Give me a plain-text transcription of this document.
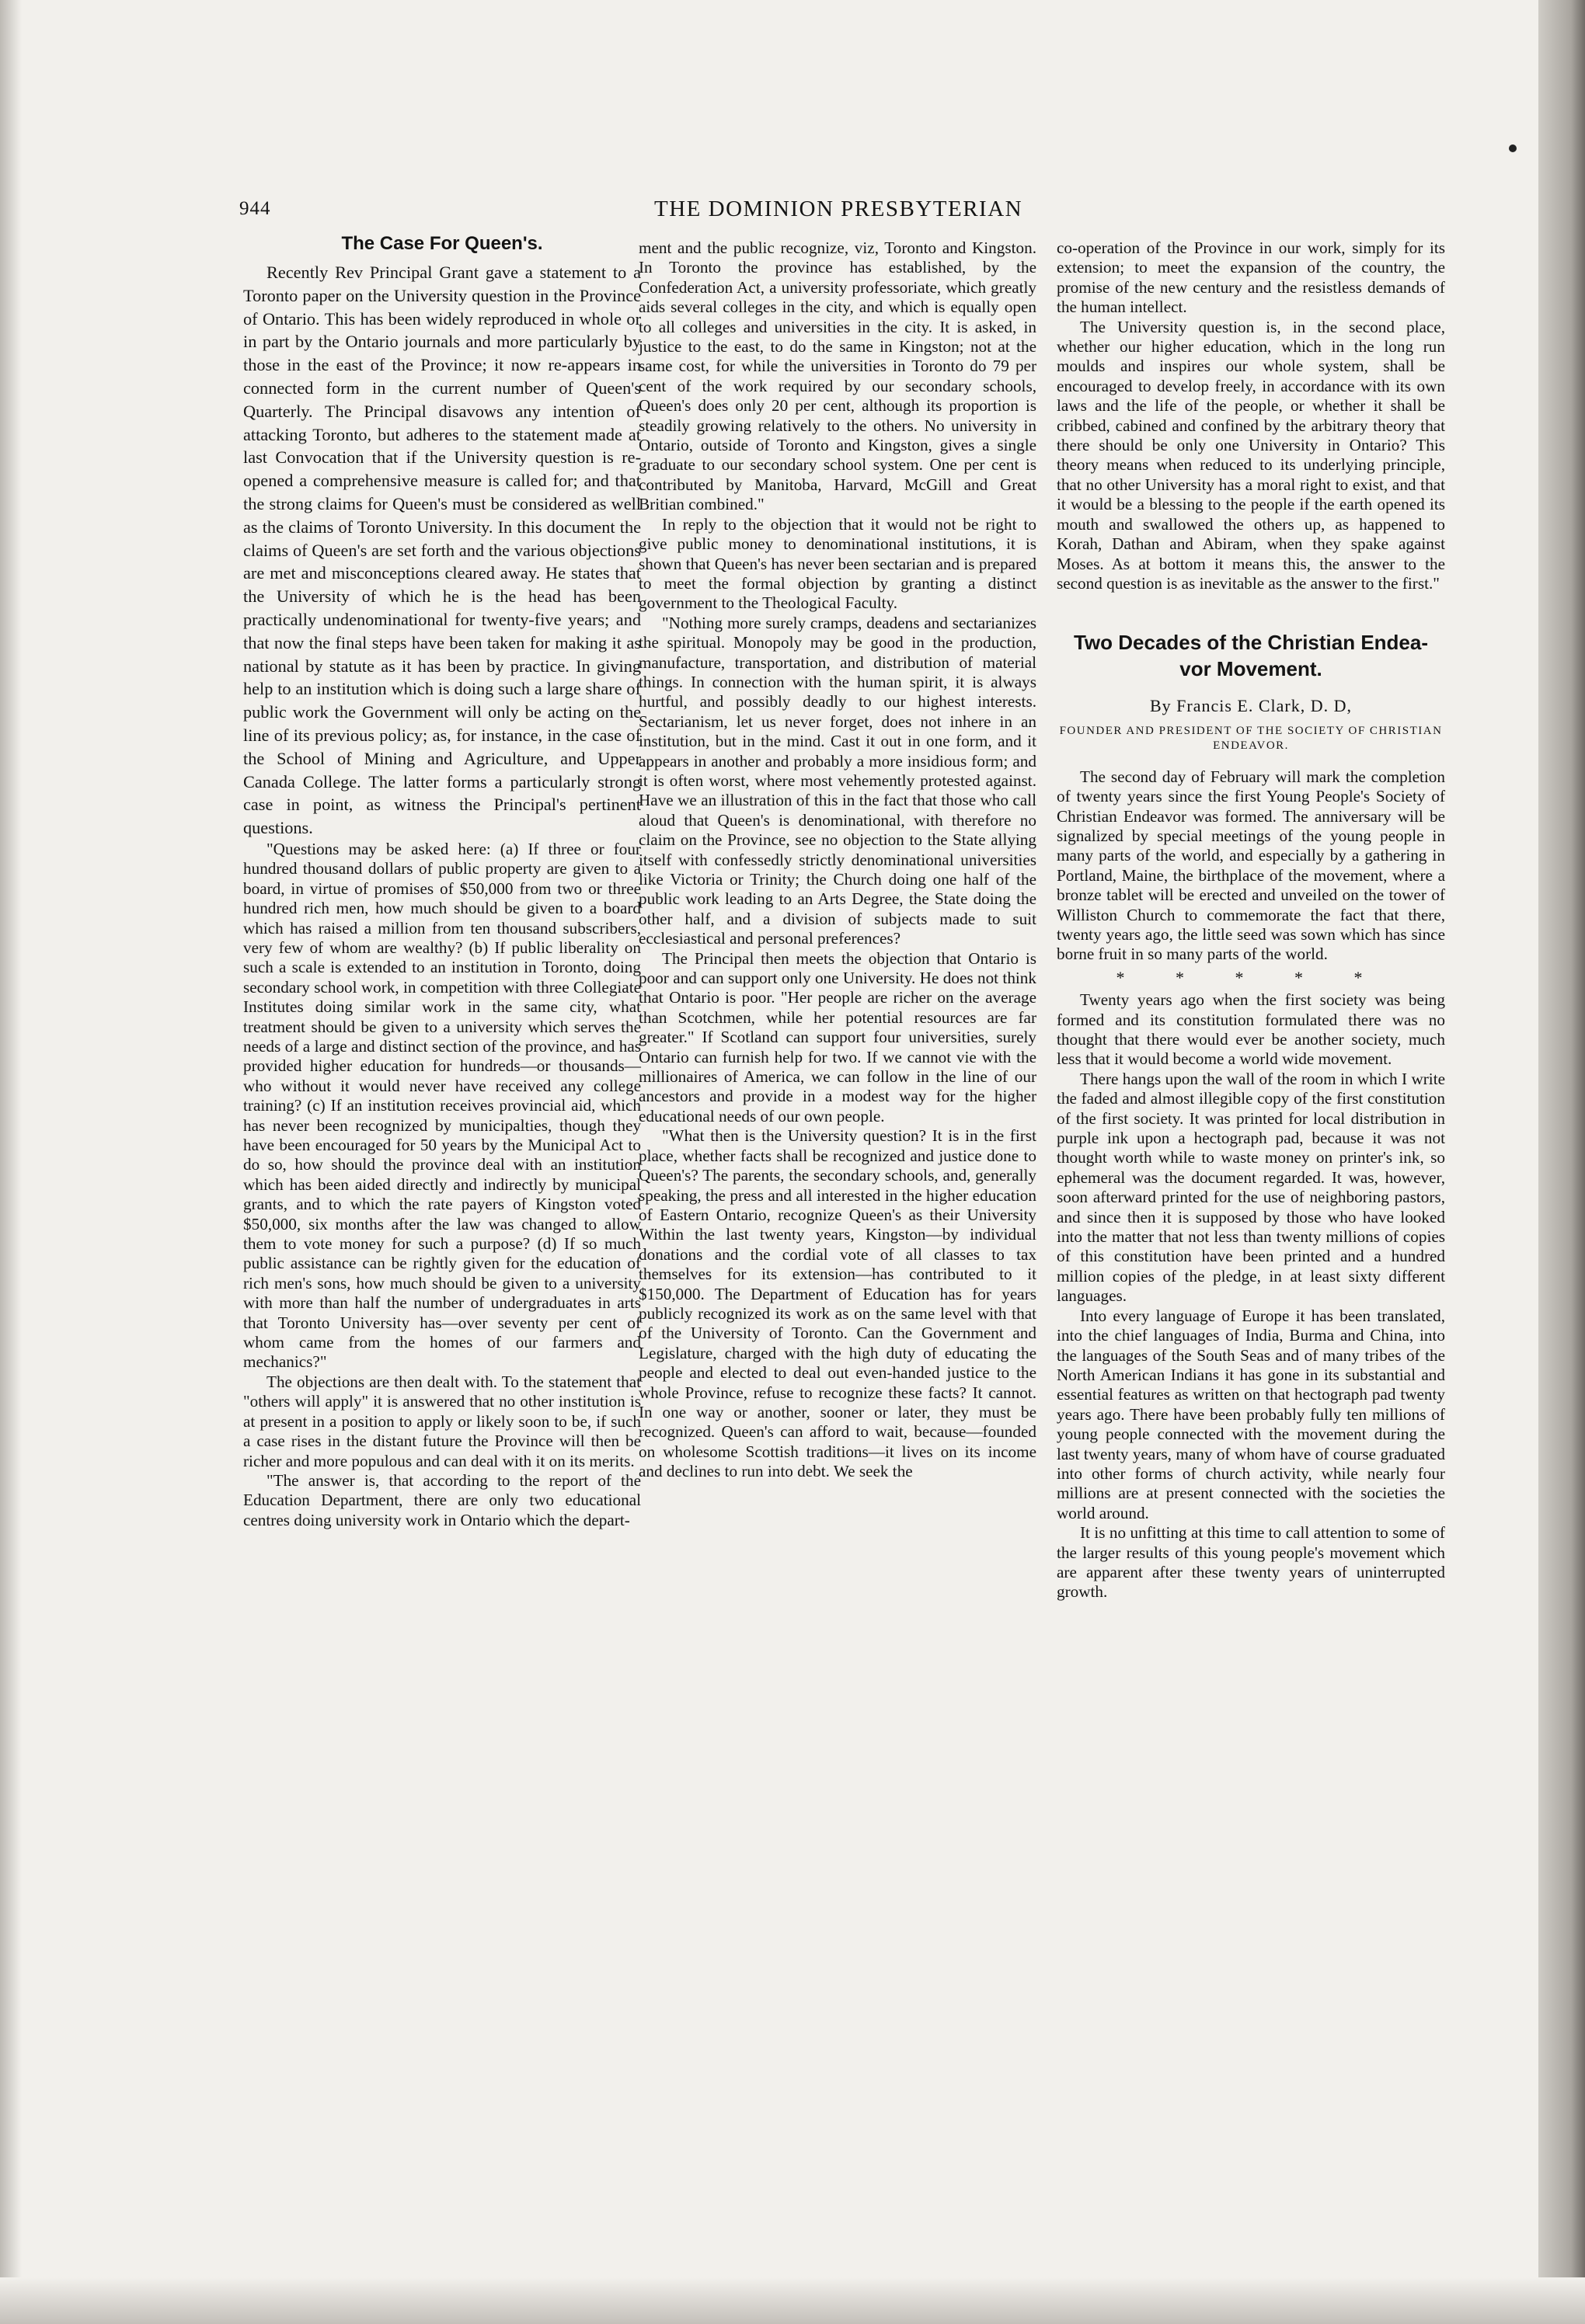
944	THE DOMINION PRESBYTERIAN
The Case For Queen's.

Recently Rev Principal Grant gave a statement to a Toronto paper on the University question in the Province of Ontario. This has been widely reproduced in whole or in part by the Ontario journals and more particularly by those in the east of the Province; it now re-appears in connected form in the current number of Queen's Quarterly. The Principal disavows any intention of attacking Toronto, but adheres to the statement made at last Convocation that if the University question is re-opened a comprehensive measure is called for; and that the strong claims for Queen's must be considered as well as the claims of Toronto University. In this document the claims of Queen's are set forth and the various objections are met and misconceptions cleared away. He states that the University of which he is the head has been practically undenominational for twenty-five years; and that now the final steps have been taken for making it as national by statute as it has been by practice. In giving help to an institution which is doing such a large share of public work the Government will only be acting on the line of its previous policy; as, for instance, in the case of the School of Mining and Agriculture, and Upper Canada College. The latter forms a particularly strong case in point, as witness the Principal's pertinent questions.

"Questions may be asked here: (a) If three or four hundred thousand dollars of public property are given to a board, in virtue of promises of $50,000 from two or three hundred rich men, how much should be given to a board which has raised a million from ten thousand subscribers, very few of whom are wealthy? (b) If public liberality on such a scale is extended to an institution in Toronto, doing secondary school work, in competition with three Collegiate Institutes doing similar work in the same city, what treatment should be given to a university which serves the needs of a large and distinct section of the province, and has provided higher education for hundreds—or thousands—who without it would never have received any college training? (c) If an institution receives provincial aid, which has never been recognized by municipalties, though they have been encouraged for 50 years by the Municipal Act to do so, how should the province deal with an institution which has been aided directly and indirectly by municipal grants, and to which the rate payers of Kingston voted $50,000, six months after the law was changed to allow them to vote money for such a purpose? (d) If so much public assistance can be rightly given for the education of rich men's sons, how much should be given to a university with more than half the number of undergraduates in arts that Toronto University has—over seventy per cent of whom came from the homes of our farmers and mechanics?"

The objections are then dealt with. To the statement that "others will apply" it is answered that no other institution is at present in a position to apply or likely soon to be, if such a case rises in the distant future the Province will then be richer and more populous and can deal with it on its merits.

"The answer is, that according to the report of the Education Department, there are only two educational centres doing university work in Ontario which the depart-

ment and the public recognize, viz, Toronto and Kingston. In Toronto the province has established, by the Confederation Act, a university professoriate, which greatly aids several colleges in the city, and which is equally open to all colleges and universities in the city. It is asked, in justice to the east, to do the same in Kingston; not at the same cost, for while the universities in Toronto do 79 per cent of the work required by our secondary schools, Queen's does only 20 per cent, although its proportion is steadily growing relatively to the others. No university in Ontario, outside of Toronto and Kingston, gives a single graduate to our secondary school system. One per cent is contributed by Manitoba, Harvard, McGill and Great Britian combined."

In reply to the objection that it would not be right to give public money to denominational institutions, it is shown that Queen's has never been sectarian and is prepared to meet the formal objection by granting a distinct government to the Theological Faculty.

"Nothing more surely cramps, deadens and sectarianizes the spiritual. Monopoly may be good in the production, manufacture, transportation, and distribution of material things. In connection with the human spirit, it is always hurtful, and possibly deadly to our highest interests. Sectarianism, let us never forget, does not inhere in an institution, but in the mind. Cast it out in one form, and it appears in another and probably a more insidious form; and it is often worst, where most vehemently protested against. Have we an illustration of this in the fact that those who call aloud that Queen's is denominational, with therefore no claim on the Province, see no objection to the State allying itself with confessedly strictly denominational universities like Victoria or Trinity; the Church doing one half of the public work leading to an Arts Degree, the State doing the other half, and a division of subjects made to suit ecclesiastical and personal preferences?

The Principal then meets the objection that Ontario is poor and can support only one University. He does not think that Ontario is poor. "Her people are richer on the average than Scotchmen, while her potential resources are far greater." If Scotland can support four universities, surely Ontario can furnish help for two. If we cannot vie with the millionaires of America, we can follow in the line of our ancestors and provide in a modest way for the higher educational needs of our own people.

"What then is the University question? It is in the first place, whether facts shall be recognized and justice done to Queen's? The parents, the secondary schools, and, generally speaking, the press and all interested in the higher education of Eastern Ontario, recognize Queen's as their University Within the last twenty years, Kingston—by individual donations and the cordial vote of all classes to tax themselves for its extension—has contributed to it $150,000. The Department of Education has for years publicly recognized its work as on the same level with that of the University of Toronto. Can the Government and Legislature, charged with the high duty of educating the people and elected to deal out even-handed justice to the whole Province, refuse to recognize these facts? It cannot. In one way or another, sooner or later, they must be recognized. Queen's can afford to wait, because—founded on wholesome Scottish traditions—it lives on its income and declines to run into debt. We seek the

co-operation of the Province in our work, simply for its extension; to meet the expansion of the country, the promise of the new century and the resistless demands of the human intellect.

The University question is, in the second place, whether our higher education, which in the long run moulds and inspires our whole system, shall be encouraged to develop freely, in accordance with its own laws and the life of the people, or whether it shall be cribbed, cabined and confined by the arbitrary theory that there should be only one University in Ontario? This theory means when reduced to its underlying principle, that no other University has a moral right to exist, and that it would be a blessing to the people if the earth opened its mouth and swallowed the others up, as happened to Korah, Dathan and Abiram, when they spake against Moses. As at bottom it means this, the answer to the second question is as inevitable as the answer to the first."

Two Decades of the Christian Endea-
vor Movement.
By Francis E. Clark, D. D,
FOUNDER AND PRESIDENT OF THE SOCIETY OF CHRISTIAN ENDEAVOR.

The second day of February will mark the completion of twenty years since the first Young People's Society of Christian Endeavor was formed. The anniversary will be signalized by special meetings of the young people in many parts of the world, and especially by a gathering in Portland, Maine, the birthplace of the movement, where a bronze tablet will be erected and unveiled on the tower of Williston Church to commemorate the fact that there, twenty years ago, the little seed was sown which has since borne fruit in so many parts of the world.

* * * * *

Twenty years ago when the first society was being formed and its constitution formulated there was no thought that there would ever be another society, much less that it would become a world wide movement.

There hangs upon the wall of the room in which I write the faded and almost illegible copy of the first constitution of the first society. It was printed for local distribution in purple ink upon a hectograph pad, because it was not thought worth while to waste money on printer's ink, so ephemeral was the document regarded. It was, however, soon afterward printed for the use of neighboring pastors, and since then it is supposed by those who have looked into the matter that not less than twenty millions of copies of this constitution have been printed and a hundred million copies of the pledge, in at least sixty different languages.

Into every language of Europe it has been translated, into the chief languages of India, Burma and China, into the languages of the South Seas and of many tribes of the North American Indians it has gone in its substantial and essential features as written on that hectograph pad twenty years ago. There have been probably fully ten millions of young people connected with the movement during the last twenty years, many of whom have of course graduated into other forms of church activity, while nearly four millions are at present connected with the societies the world around.

It is no unfitting at this time to call attention to some of the larger results of this young people's movement which are apparent after these twenty years of uninterrupted growth.
